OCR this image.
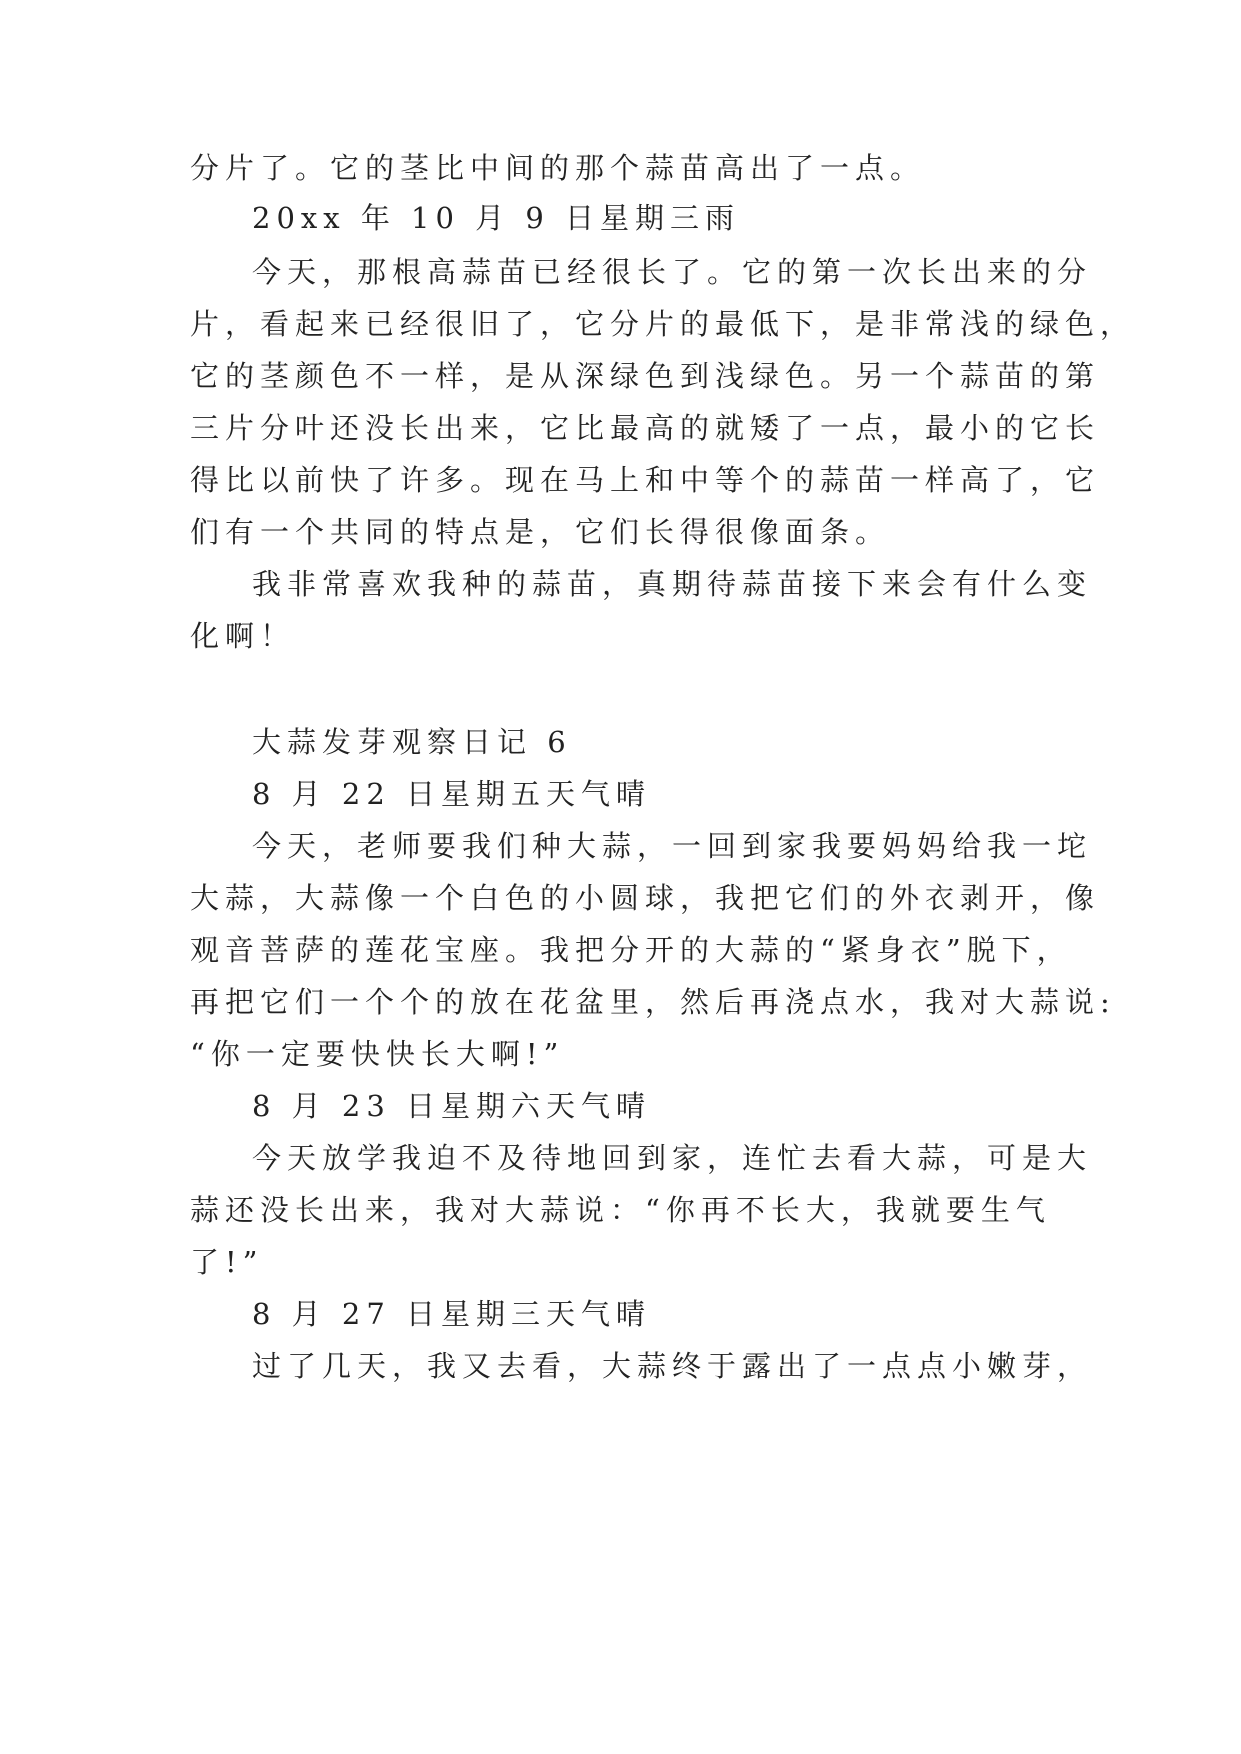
分片了。它的茎比中间的那个蒜苗高出了一点。
20xx 年 10 月 9 日星期三雨
今天，那根高蒜苗已经很长了。它的第一次长出来的分
片，看起来已经很旧了，它分片的最低下，是非常浅的绿色，
它的茎颜色不一样，是从深绿色到浅绿色。另一个蒜苗的第
三片分叶还没长出来，它比最高的就矮了一点，最小的它长
得比以前快了许多。现在马上和中等个的蒜苗一样高了，它
们有一个共同的特点是，它们长得很像面条。
我非常喜欢我种的蒜苗，真期待蒜苗接下来会有什么变
化啊！
大蒜发芽观察日记 6
8 月 22 日星期五天气晴
今天，老师要我们种大蒜，一回到家我要妈妈给我一坨
大蒜，大蒜像一个白色的小圆球，我把它们的外衣剥开，像
观音菩萨的莲花宝座。我把分开的大蒜的“紧身衣”脱下，
再把它们一个个的放在花盆里，然后再浇点水，我对大蒜说:
“你一定要快快长大啊!”
8 月 23 日星期六天气晴
今天放学我迫不及待地回到家，连忙去看大蒜，可是大
蒜还没长出来，我对大蒜说：“你再不长大，我就要生气
了!”
8 月 27 日星期三天气晴
过了几天，我又去看，大蒜终于露出了一点点小嫩芽，
